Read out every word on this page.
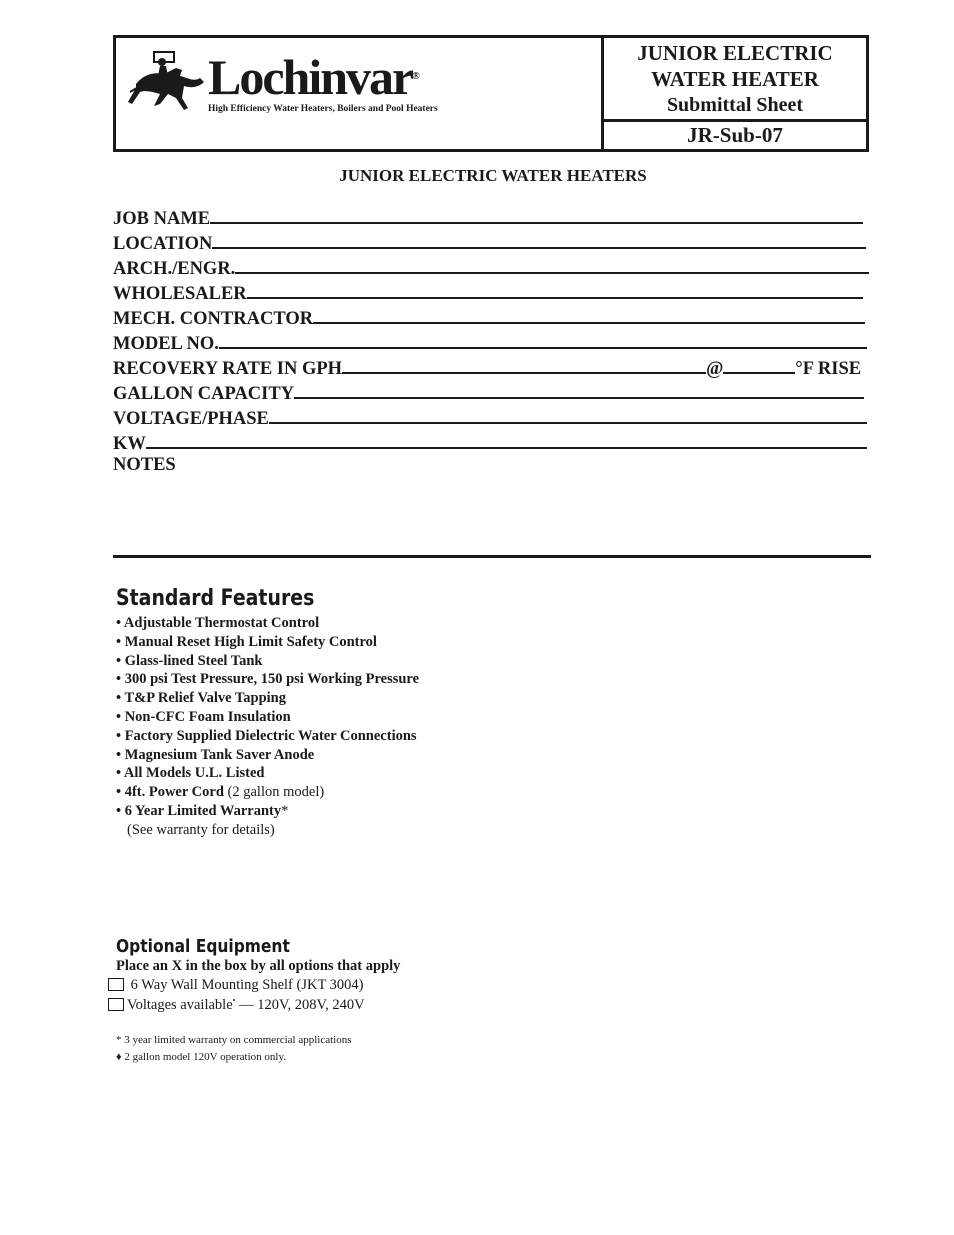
Lochinvar®
High Efficiency Water Heaters, Boilers and Pool Heaters
JUNIOR ELECTRIC
WATER HEATER
Submittal Sheet
JR-Sub-07
JUNIOR ELECTRIC WATER HEATERS
JOB NAME
LOCATION
ARCH./ENGR.
WHOLESALER
MECH. CONTRACTOR
MODEL NO.
RECOVERY RATE IN GPH	@	°F RISE
GALLON CAPACITY
VOLTAGE/PHASE
KW
NOTES
Standard Features
• Adjustable Thermostat Control
• Manual Reset High Limit Safety Control
• Glass-lined Steel Tank
• 300 psi Test Pressure, 150 psi Working Pressure
• T&P Relief Valve Tapping
• Non-CFC Foam Insulation
• Factory Supplied Dielectric Water Connections
• Magnesium Tank Saver Anode
• All Models U.L. Listed
• 4ft. Power Cord (2 gallon model)
• 6 Year Limited Warranty*
(See warranty for details)
Optional Equipment
Place an X in the box by all options that apply
6 Way Wall Mounting Shelf (JKT 3004)
Voltages available• — 120V, 208V, 240V
* 3 year limited warranty on commercial applications
♦ 2 gallon model 120V operation only.
